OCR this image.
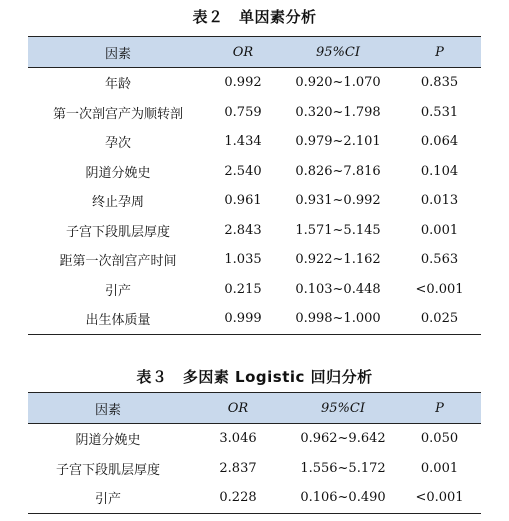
表２　单因素分析
因素	OR	95%CI	P
年龄	0.992	0.920~1.070	0.835
第一次剖宫产为顺转剖	0.759	0.320~1.798	0.531
孕次	1.434	0.979~2.101	0.064
阴道分娩史	2.540	0.826~7.816	0.104
终止孕周	0.961	0.931~0.992	0.013
子宫下段肌层厚度	2.843	1.571~5.145	0.001
距第一次剖宫产时间	1.035	0.922~1.162	0.563
引产	0.215	0.103~0.448	<0.001
出生体质量	0.999	0.998~1.000	0.025
表３　多因素 Logistic 回归分析
因素	OR	95%CI	P
阴道分娩史	3.046	0.962~9.642	0.050
子宫下段肌层厚度	2.837	1.556~5.172	0.001
引产	0.228	0.106~0.490	<0.001
